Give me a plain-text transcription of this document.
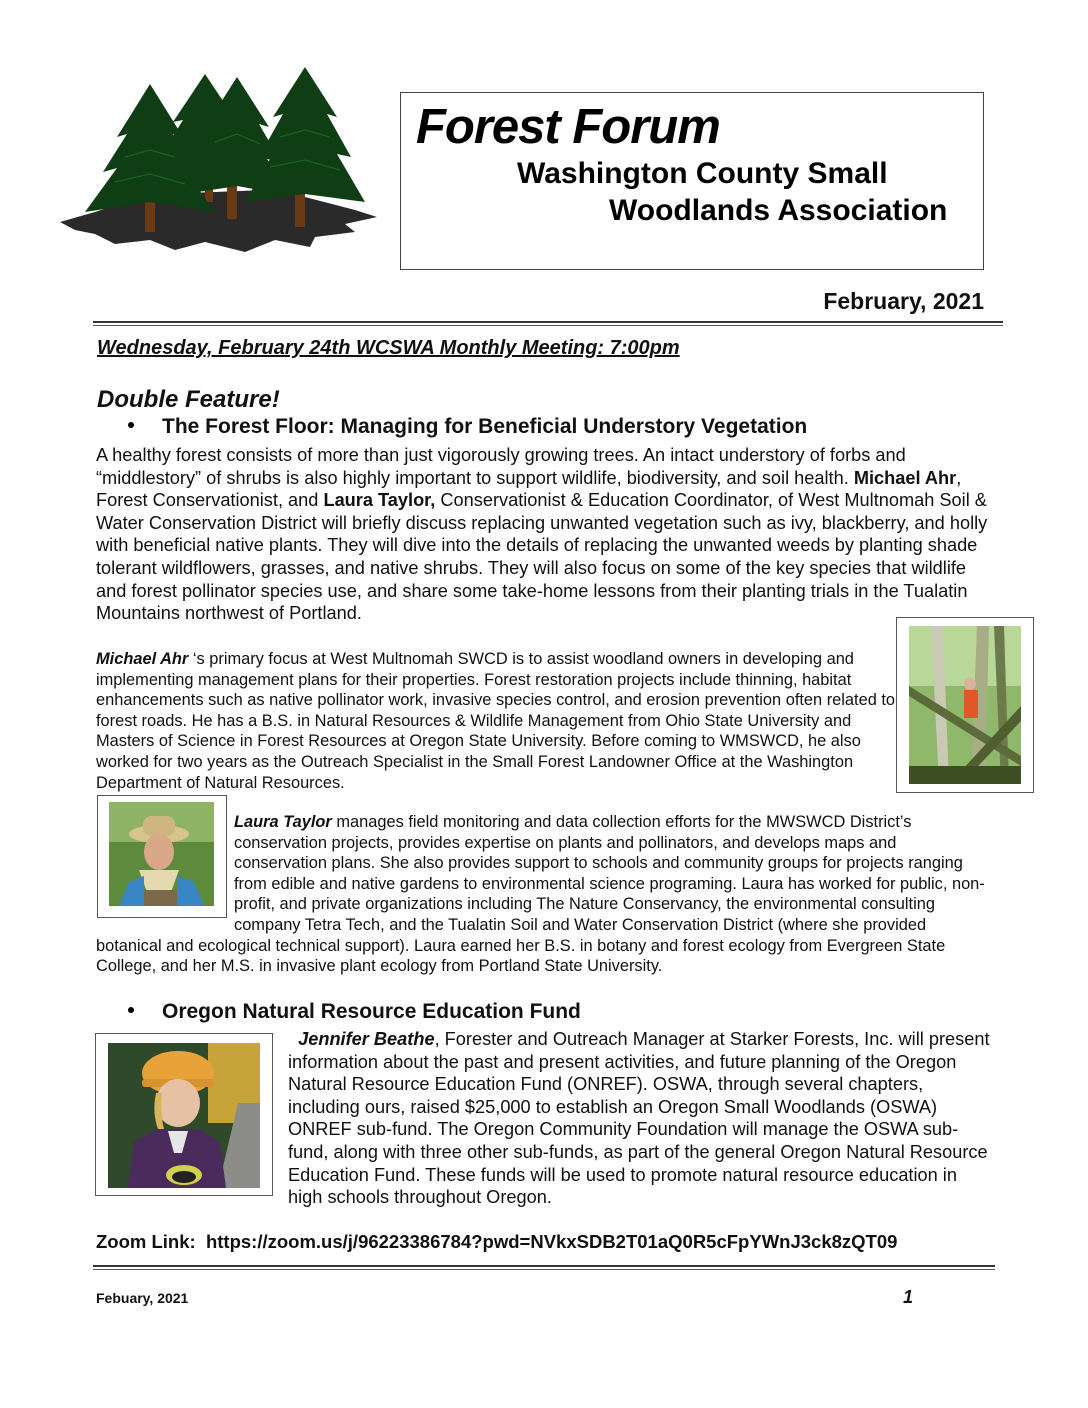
Forest Forum
Washington County Small
Woodlands Association
February, 2021
Wednesday, February 24th WCSWA Monthly Meeting: 7:00pm
Double Feature!
The Forest Floor: Managing for Beneficial Understory Vegetation
A healthy forest consists of more than just vigorously growing trees. An intact understory of forbs and “middlestory” of shrubs is also highly important to support wildlife, biodiversity, and soil health. Michael Ahr, Forest Conservationist, and Laura Taylor, Conservationist & Education Coordinator, of West Multnomah Soil & Water Conservation District will briefly discuss replacing unwanted vegetation such as ivy, blackberry, and holly with beneficial native plants. They will dive into the details of replacing the unwanted weeds by planting shade tolerant wildflowers, grasses, and native shrubs. They will also focus on some of the key species that wildlife and forest pollinator species use, and share some take-home lessons from their planting trials in the Tualatin Mountains northwest of Portland.
Michael Ahr ‘s primary focus at West Multnomah SWCD is to assist woodland owners in developing and implementing management plans for their properties. Forest restoration projects include thinning, habitat enhancements such as native pollinator work, invasive species control, and erosion prevention often related to forest roads. He has a B.S. in Natural Resources & Wildlife Management from Ohio State University and Masters of Science in Forest Resources at Oregon State University. Before coming to WMSWCD, he also worked for two years as the Outreach Specialist in the Small Forest Landowner Office at the Washington Department of Natural Resources.
Laura Taylor manages field monitoring and data collection efforts for the MWSWCD District’s conservation projects, provides expertise on plants and pollinators, and develops maps and conservation plans. She also provides support to schools and community groups for projects ranging from edible and native gardens to environmental science programing. Laura has worked for public, non-profit, and private organizations including The Nature Conservancy, the environmental consulting company Tetra Tech, and the Tualatin Soil and Water Conservation District (where she provided botanical and ecological technical support). Laura earned her B.S. in botany and forest ecology from Evergreen State College, and her M.S. in invasive plant ecology from Portland State University.
Oregon Natural Resource Education Fund
Jennifer Beathe, Forester and Outreach Manager at Starker Forests, Inc. will present information about the past and present activities, and future planning of the Oregon Natural Resource Education Fund (ONREF). OSWA, through several chapters, including ours, raised $25,000 to establish an Oregon Small Woodlands (OSWA) ONREF sub-fund. The Oregon Community Foundation will manage the OSWA sub-fund, along with three other sub-funds, as part of the general Oregon Natural Resource Education Fund. These funds will be used to promote natural resource education in high schools throughout Oregon.
Zoom Link: https://zoom.us/j/96223386784?pwd=NVkxSDB2T01aQ0R5cFpYWnJ3ck8zQT09
Febuary, 2021	1
